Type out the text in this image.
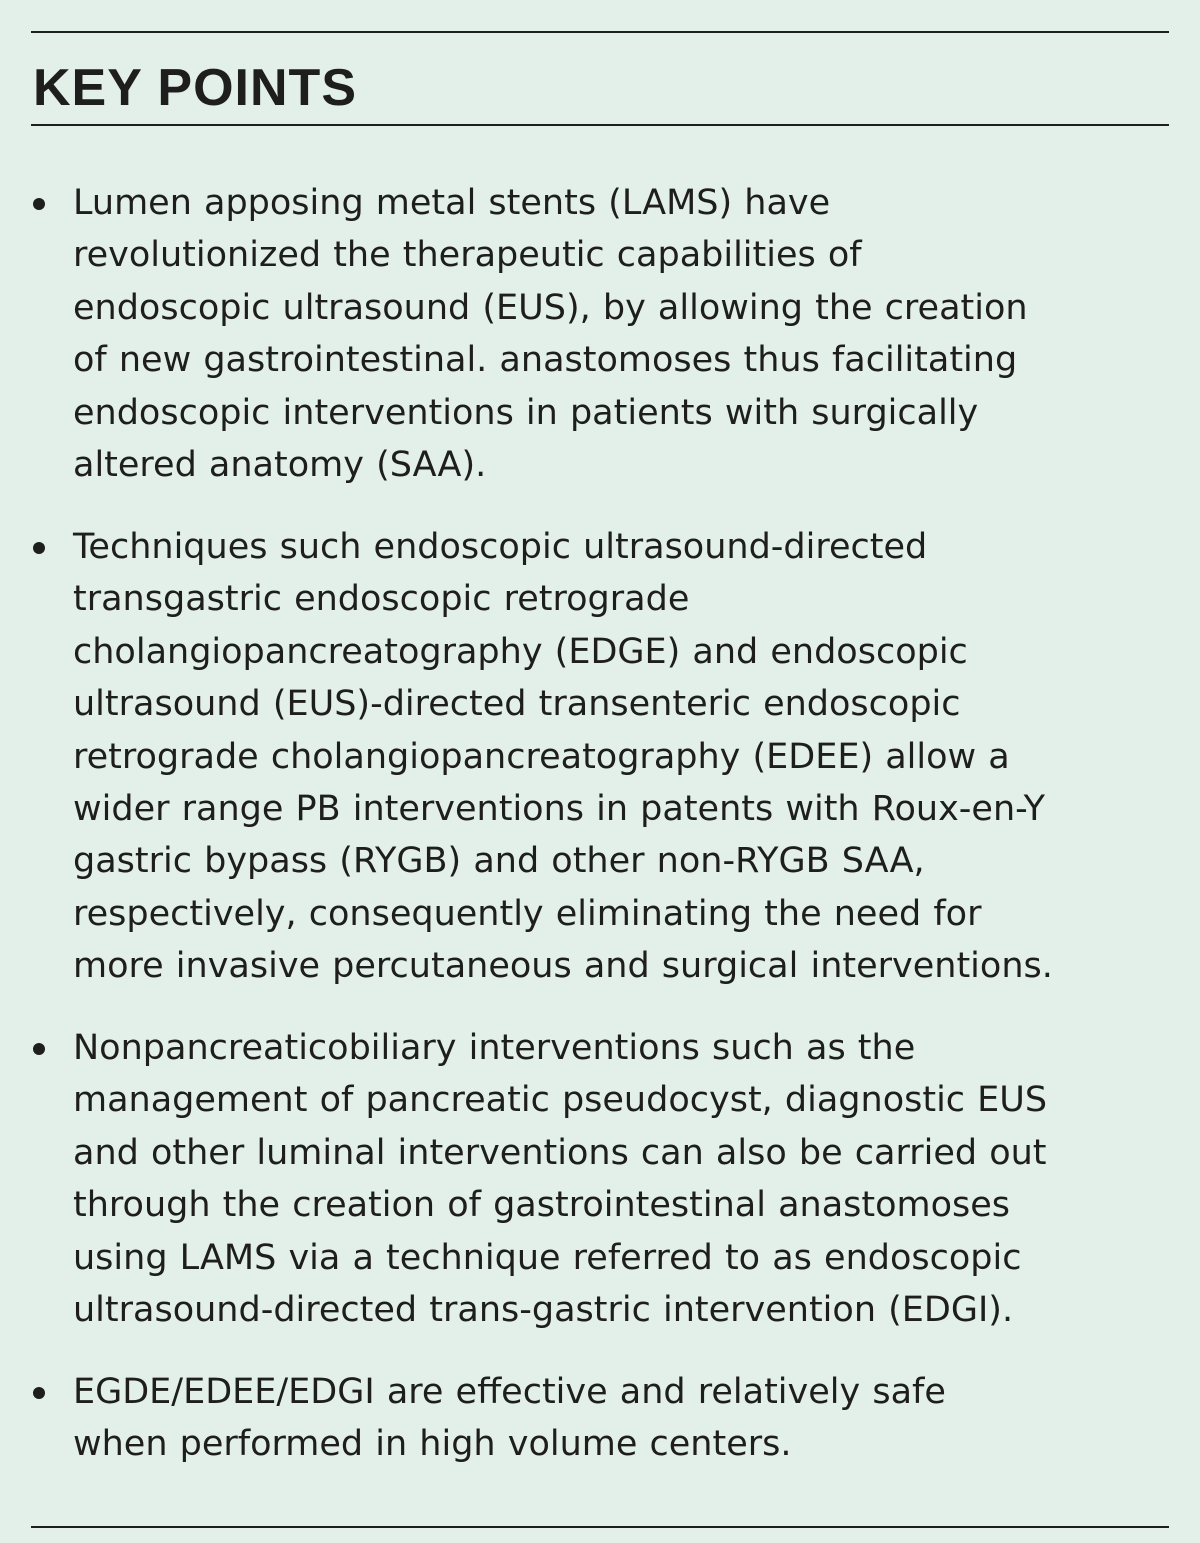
KEY POINTS

Lumen apposing metal stents (LAMS) have
revolutionized the therapeutic capabilities of
endoscopic ultrasound (EUS), by allowing the creation
of new gastrointestinal. anastomoses thus facilitating
endoscopic interventions in patients with surgically
altered anatomy (SAA).

Techniques such endoscopic ultrasound-directed
transgastric endoscopic retrograde
cholangiopancreatography (EDGE) and endoscopic
ultrasound (EUS)-directed transenteric endoscopic
retrograde cholangiopancreatography (EDEE) allow a
wider range PB interventions in patents with Roux-en-Y
gastric bypass (RYGB) and other non-RYGB SAA,
respectively, consequently eliminating the need for
more invasive percutaneous and surgical interventions.

Nonpancreaticobiliary interventions such as the
management of pancreatic pseudocyst, diagnostic EUS
and other luminal interventions can also be carried out
through the creation of gastrointestinal anastomoses
using LAMS via a technique referred to as endoscopic
ultrasound-directed trans-gastric intervention (EDGI).

EGDE/EDEE/EDGI are effective and relatively safe
when performed in high volume centers.
